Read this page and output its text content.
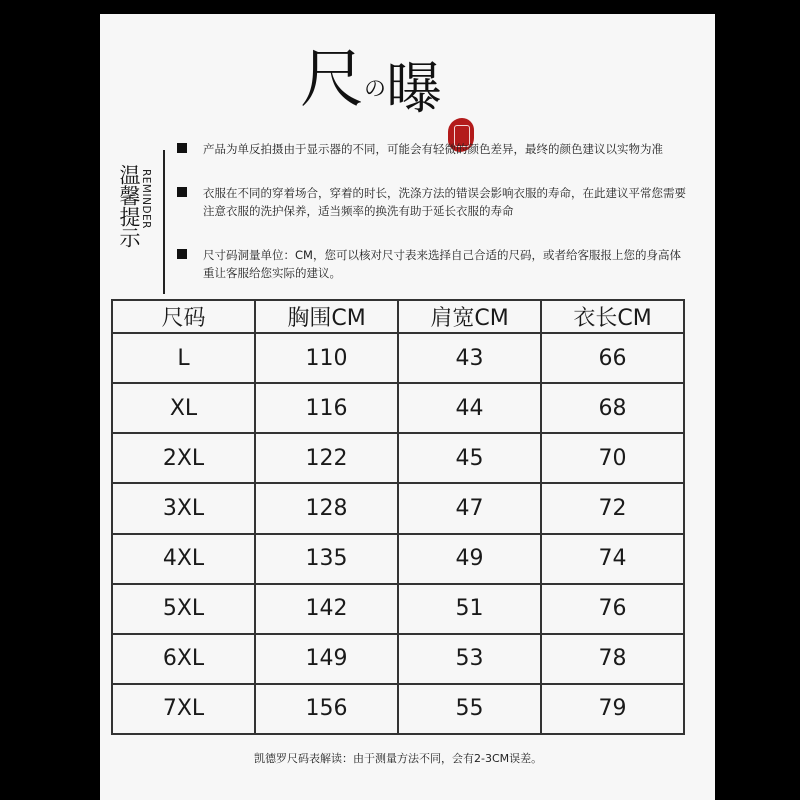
尺 の 曝
温馨提示 REMINDER
产品为单反拍摄由于显示器的不同，可能会有轻微的颜色差异，最终的颜色建议以实物为准
衣服在不同的穿着场合，穿着的时长，洗涤方法的错误会影响衣服的寿命，在此建议平常您需要注意衣服的洗护保养，适当频率的换洗有助于延长衣服的寿命
尺寸码洞量单位：CM，您可以核对尺寸表来选择自己合适的尺码，或者给客服报上您的身高体重让客服给您实际的建议。
尺码	胸围CM	肩宽CM	衣长CM
L	110	43	66
XL	116	44	68
2XL	122	45	70
3XL	128	47	72
4XL	135	49	74
5XL	142	51	76
6XL	149	53	78
7XL	156	55	79
凯德罗尺码表解读：由于测量方法不同，会有2-3CM误差。
